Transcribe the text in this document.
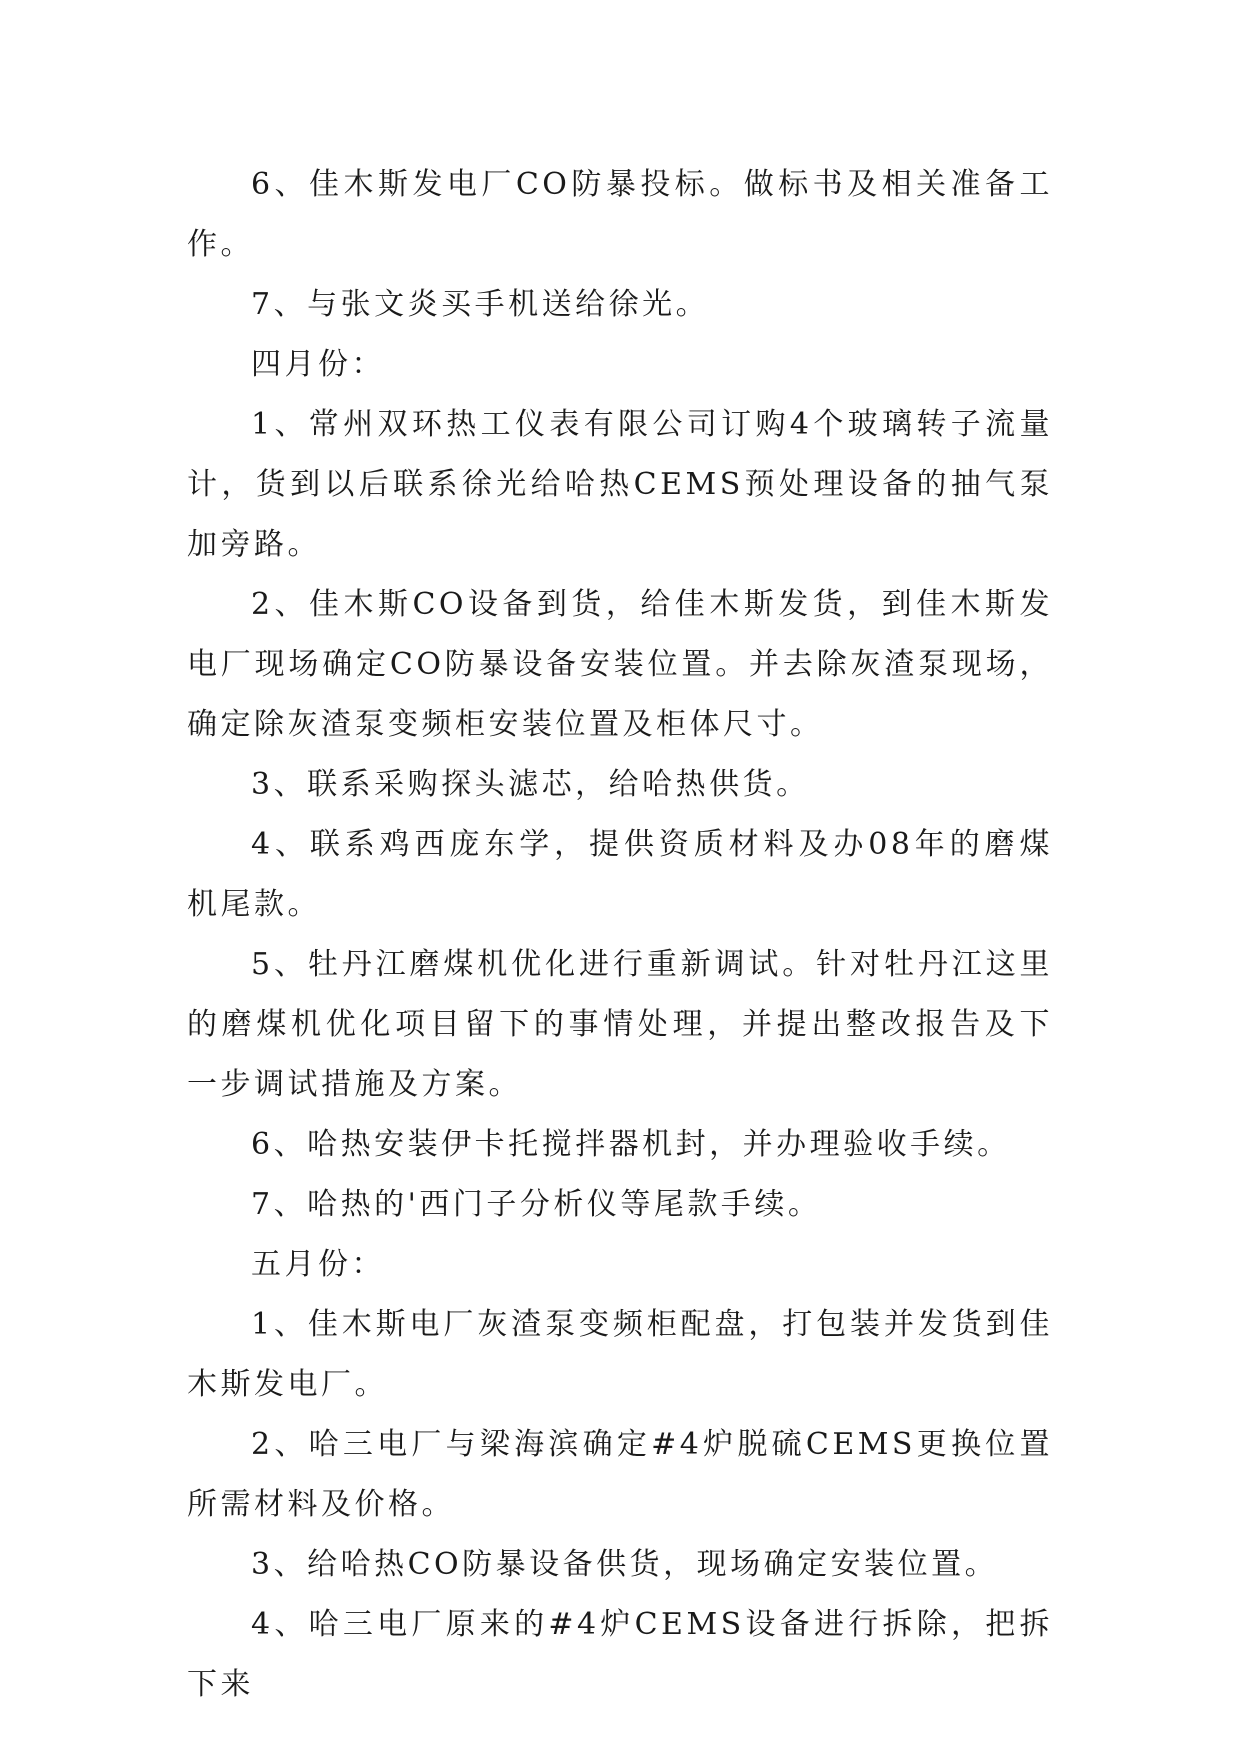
6、佳木斯发电厂CO防暴投标。做标书及相关准备工作。

7、与张文炎买手机送给徐光。

四月份：

1、常州双环热工仪表有限公司订购4个玻璃转子流量计，货到以后联系徐光给哈热CEMS预处理设备的抽气泵加旁路。

2、佳木斯CO设备到货，给佳木斯发货，到佳木斯发电厂现场确定CO防暴设备安装位置。并去除灰渣泵现场，确定除灰渣泵变频柜安装位置及柜体尺寸。

3、联系采购探头滤芯，给哈热供货。

4、联系鸡西庞东学，提供资质材料及办08年的磨煤机尾款。

5、牡丹江磨煤机优化进行重新调试。针对牡丹江这里的磨煤机优化项目留下的事情处理，并提出整改报告及下一步调试措施及方案。

6、哈热安装伊卡托搅拌器机封，并办理验收手续。

7、哈热的'西门子分析仪等尾款手续。

五月份：

1、佳木斯电厂灰渣泵变频柜配盘，打包装并发货到佳木斯发电厂。

2、哈三电厂与梁海滨确定#4炉脱硫CEMS更换位置所需材料及价格。

3、给哈热CO防暴设备供货，现场确定安装位置。

4、哈三电厂原来的#4炉CEMS设备进行拆除，把拆下来
